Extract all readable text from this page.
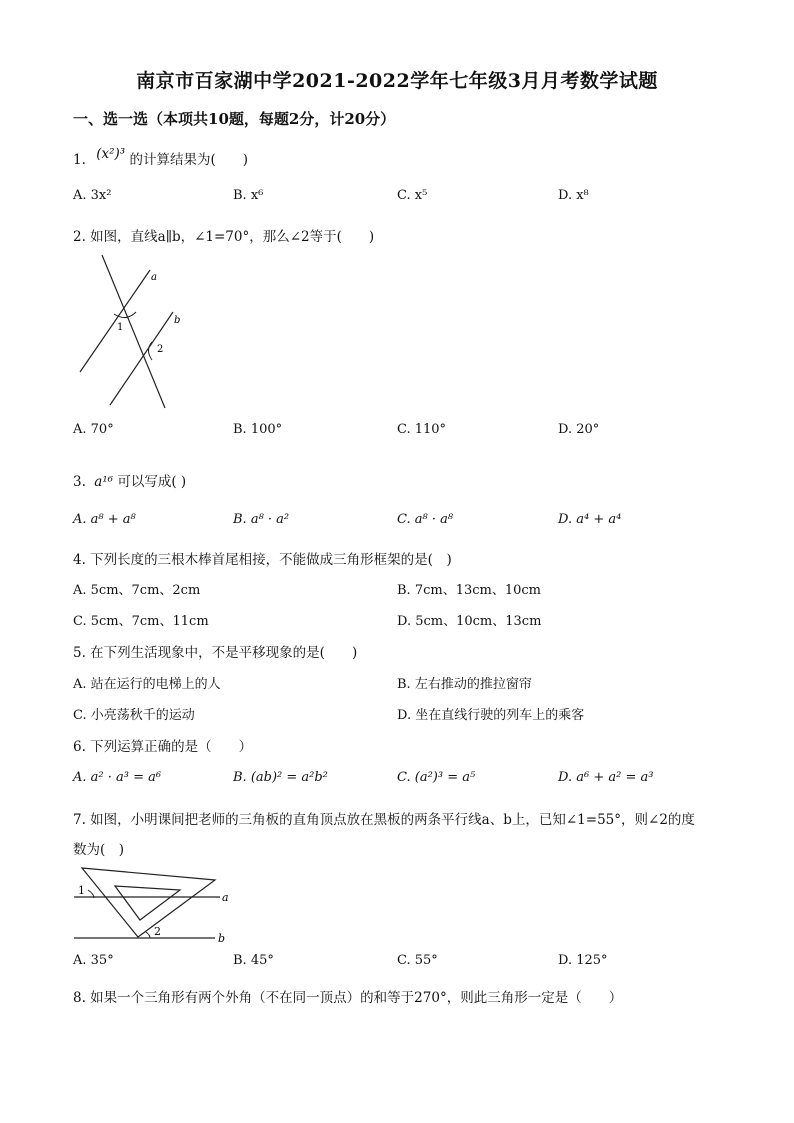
南京市百家湖中学2021-2022学年七年级3月月考数学试题
一、选一选（本项共10题，每题2分，计20分）
1. (x²)³ 的计算结果为(　　)
A. 3x²	B. x⁶	C. x⁵	D. x⁸
2. 如图，直线a∥b，∠1=70°，那么∠2等于(　　)
a
b
1
2
A. 70°	B. 100°	C. 110°	D. 20°
3. a¹⁶ 可以写成( )
A. a⁸ + a⁸	B. a⁸ · a²	C. a⁸ · a⁸	D. a⁴ + a⁴
4. 下列长度的三根木棒首尾相接，不能做成三角形框架的是(　)
A. 5cm、7cm、2cm	B. 7cm、13cm、10cm
C. 5cm、7cm、11cm	D. 5cm、10cm、13cm
5. 在下列生活现象中，不是平移现象的是(　　)
A. 站在运行的电梯上的人	B. 左右推动的推拉窗帘
C. 小亮荡秋千的运动	D. 坐在直线行驶的列车上的乘客
6. 下列运算正确的是（　　）
A. a² · a³ = a⁶	B. (ab)² = a²b²	C. (a²)³ = a⁵	D. a⁶ + a² = a³
7. 如图，小明课间把老师的三角板的直角顶点放在黑板的两条平行线a、b上，已知∠1=55°，则∠2的度
数为(　)
1
2
a
b
A. 35°	B. 45°	C. 55°	D. 125°
8. 如果一个三角形有两个外角（不在同一顶点）的和等于270°，则此三角形一定是（　　）
